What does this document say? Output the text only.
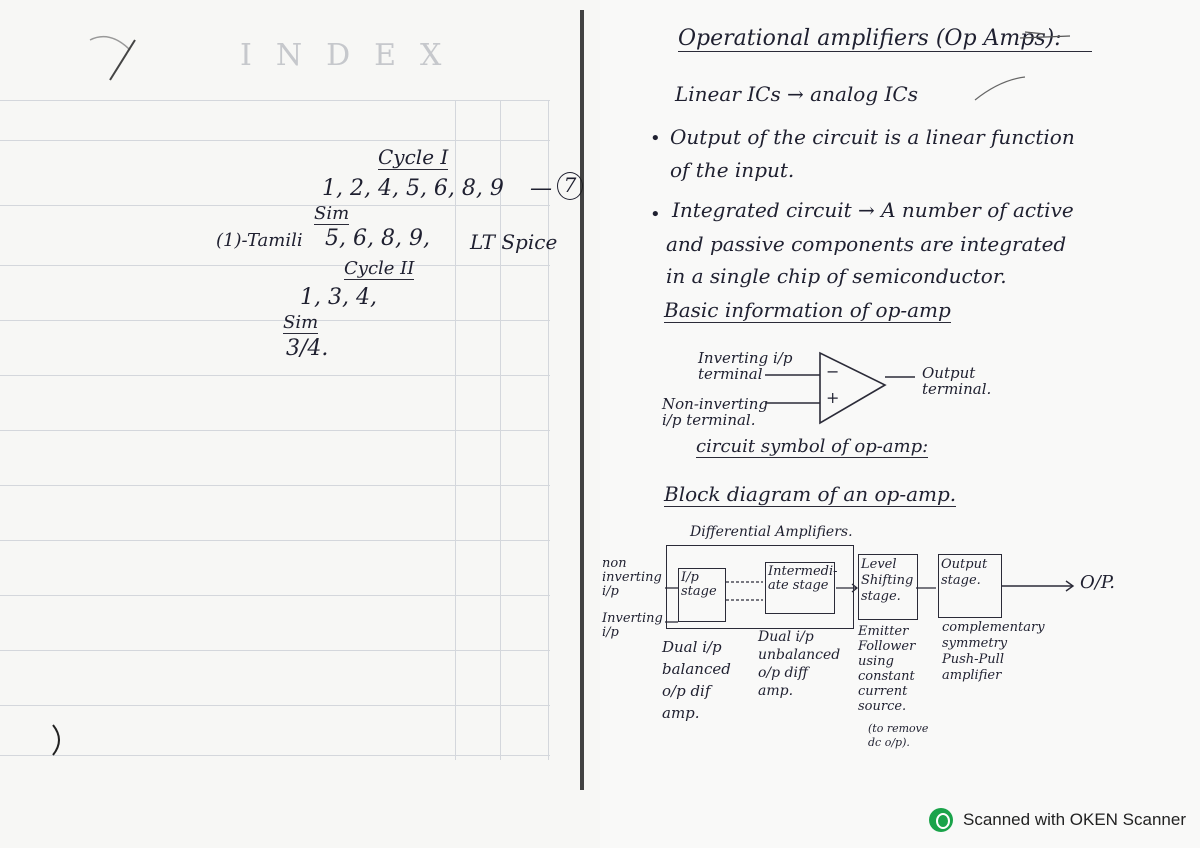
INDEX
Cycle I
1, 2, 4, 5, 6, 8, 9 — 7
Sim
(1)-Tamili 5, 6, 8, 9, LT Spice
Cycle II
1, 3, 4,
Sim
3/4.
Operational amplifiers (Op Amps):
Linear ICs → analog ICs
• Output of the circuit is a linear function
of the input.
• Integrated circuit → A number of active
and passive components are integrated
in a single chip of semiconductor.
Basic information of op-amp
Inverting i/p terminal
Non-inverting i/p terminal.
−
+
Output terminal.
circuit symbol of op-amp:
Block diagram of an op-amp.
Differential Amplifiers.
non inverting i/p
Inverting i/p
I/p stage
Intermedi-ate stage
Level Shifting stage.
Output stage.	O/P.
Dual i/p balanced o/p dif amp.
Dual i/p unbalanced o/p diff amp.
Emitter Follower using constant current source.
(to remove dc o/p).
complementary symmetry Push-Pull amplifier
Scanned with OKEN Scanner
